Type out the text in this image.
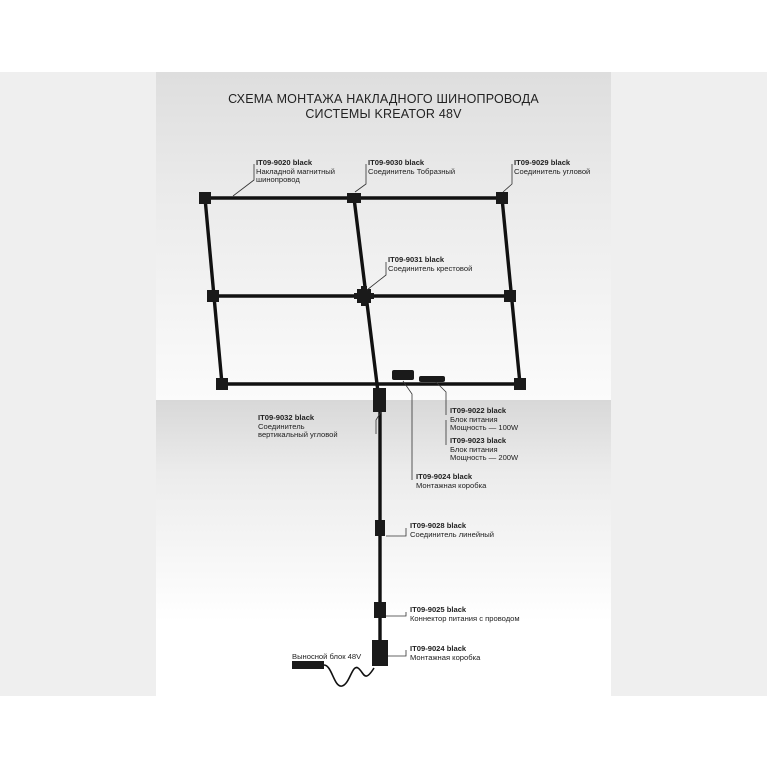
СХЕМА МОНТАЖА НАКЛАДНОГО ШИНОПРОВОДА
СИСТЕМЫ KREATOR 48V
IT09-9020 black
Накладной магнитный
шинопровод
IT09-9030 black
Соединитель Тобразный
IT09-9029 black
Соединитель угловой
IT09-9031 black
Соединитель крестовой
IT09-9032 black
Соединитель
вертикальный угловой
IT09-9022 black
Блок питания
Мощность — 100W
IT09-9023 black
Блок питания
Мощность — 200W
IT09-9024 black
Монтажная коробка
IT09-9028 black
Соединитель линейный
IT09-9025 black
Коннектор питания с проводом
IT09-9024 black
Монтажная коробка
Выносной блок 48V
